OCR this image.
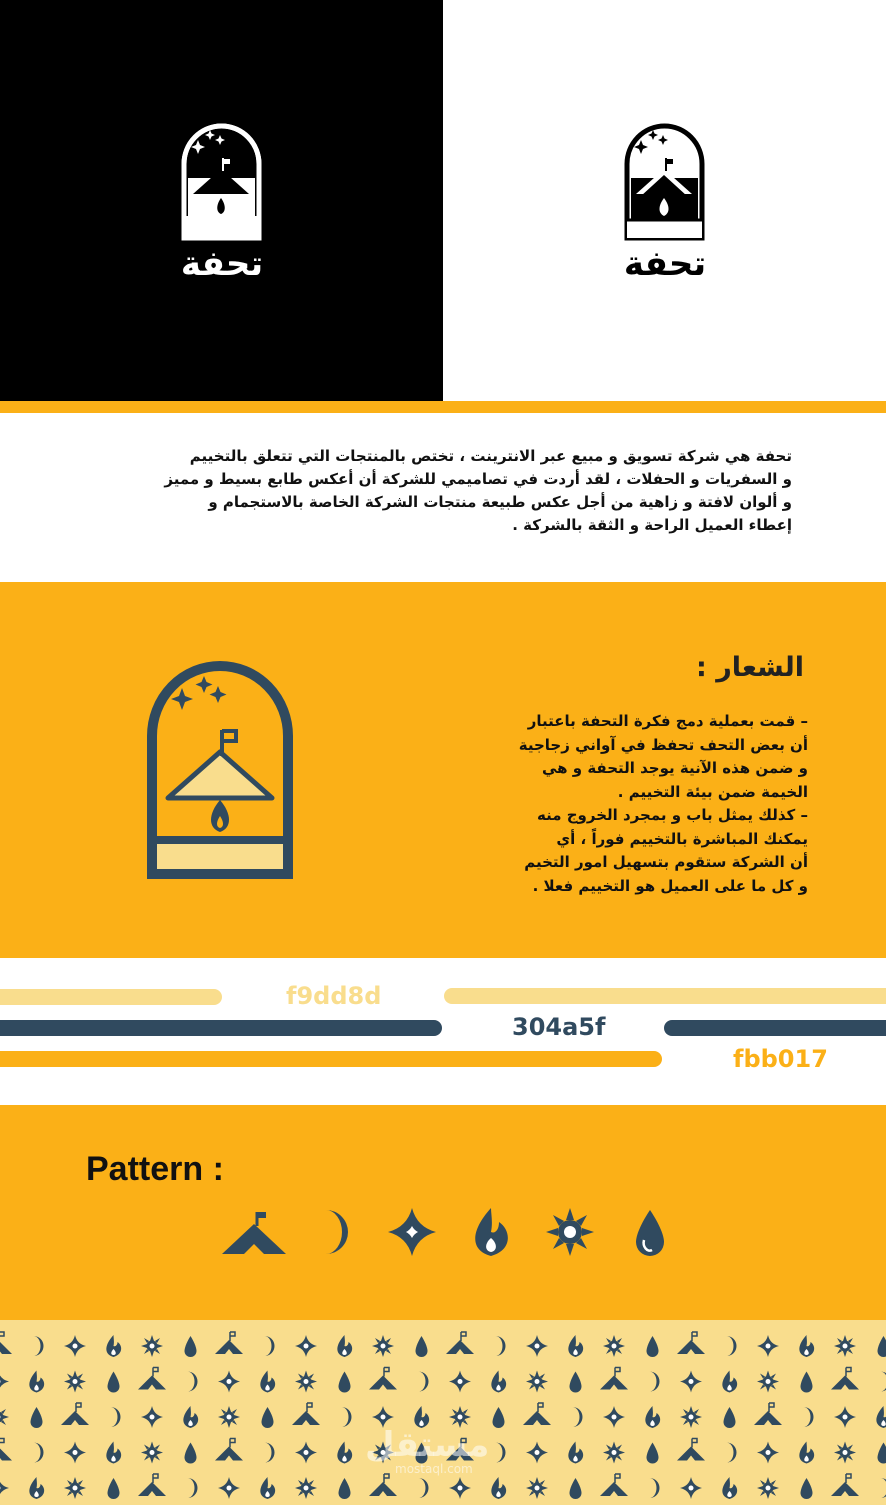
تحفة	تحفة
تحفة هي شركة تسويق و مبيع عبر الانترينت ، تختص بالمنتجات التي تتعلق بالتخييم
و السفريات و الحفلات ، لقد أردت في تصاميمي للشركة أن أعكس طابع بسيط و مميز
و ألوان لافتة و زاهية من أجل عكس طبيعة منتجات الشركة الخاصة بالاستجمام و
إعطاء العميل الراحة و الثقة بالشركة .
الشعار :
– قمت بعملية دمج فكرة التحفة باعتبار
أن بعض التحف تحفظ في آواني زجاجية
و ضمن هذه الآنية يوجد التحفة و هي
الخيمة ضمن بيئة التخييم .
– كذلك يمثل باب و بمجرد الخروج منه
يمكنك المباشرة بالتخييم فوراً ، أي
أن الشركة ستقوم بتسهيل امور التخيم
و كل ما على العميل هو التخييم فعلا .
f9dd8d
304a5f
fbb017
Pattern :
مستقل
mostaql.com
